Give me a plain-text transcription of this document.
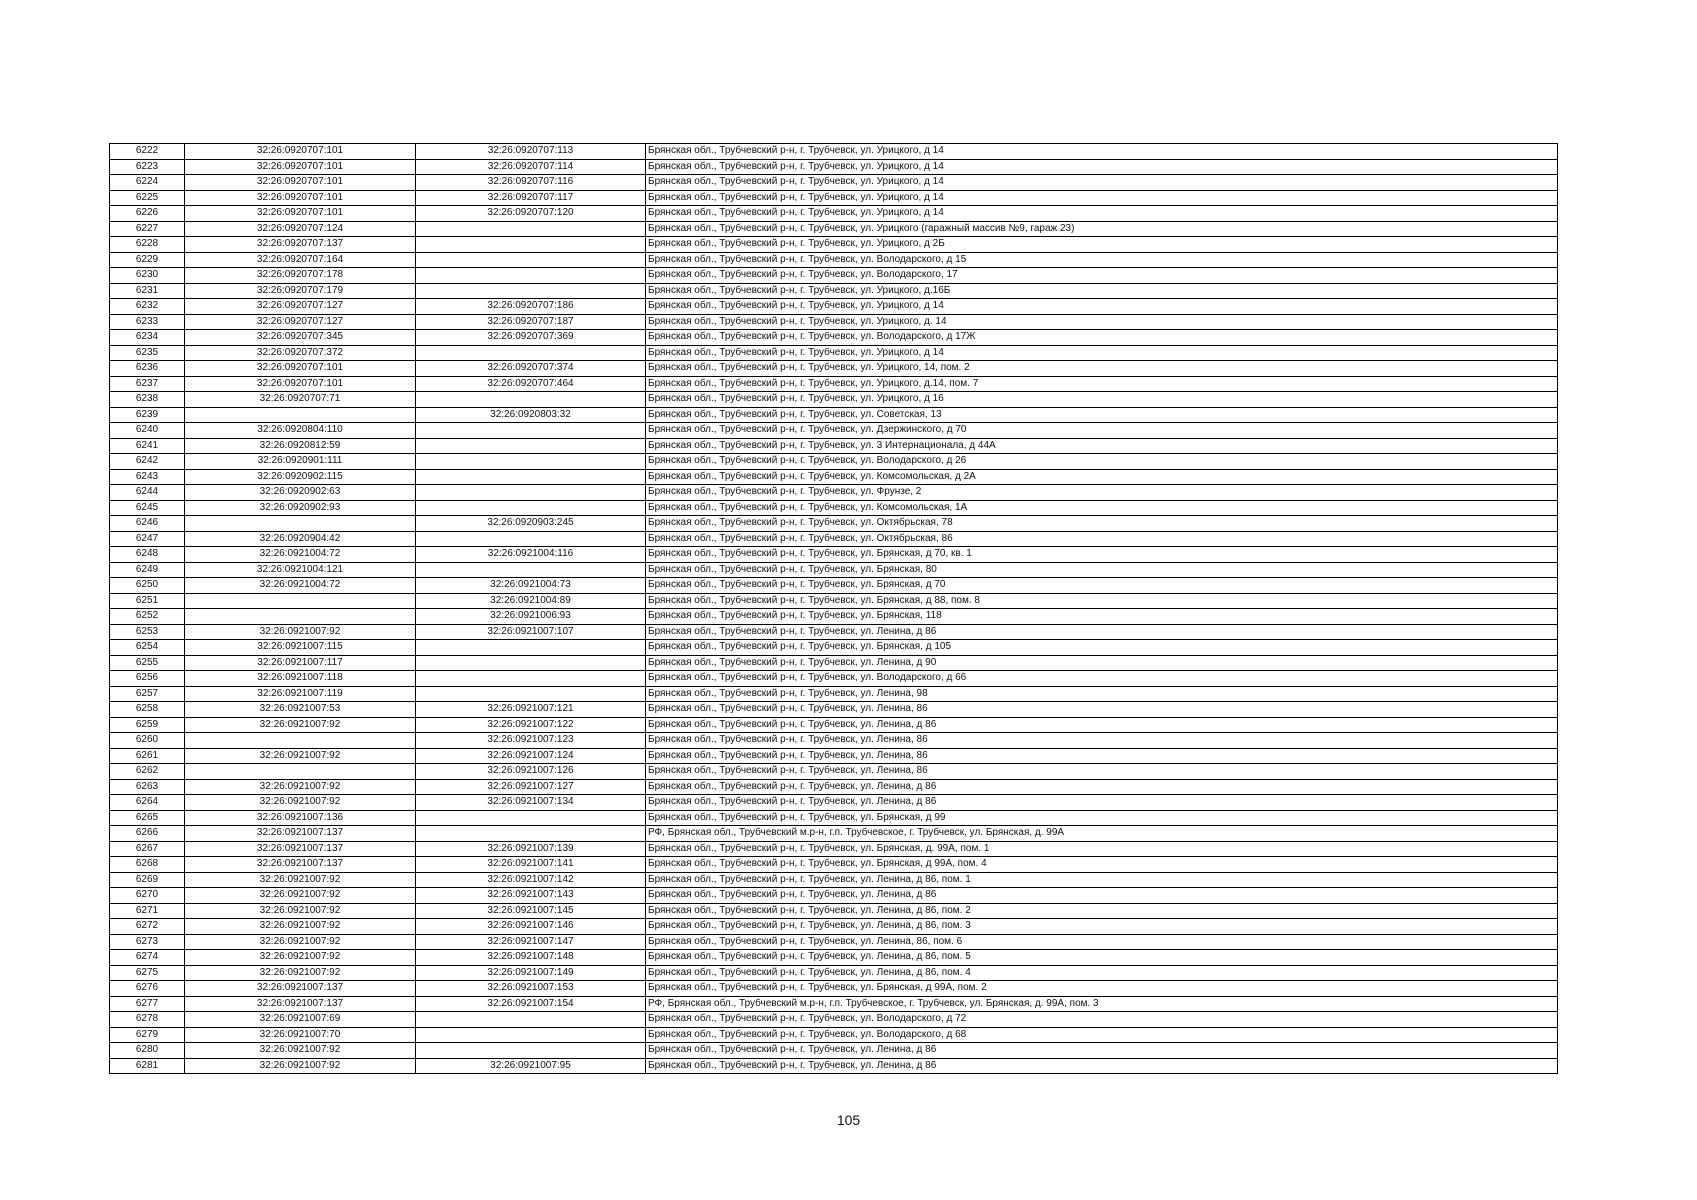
6222	32:26:0920707:101	32:26:0920707:113	Брянская обл., Трубчевский р-н, г. Трубчевск, ул. Урицкого, д 14
6223	32:26:0920707:101	32:26:0920707:114	Брянская обл., Трубчевский р-н, г. Трубчевск, ул. Урицкого, д 14
6224	32:26:0920707:101	32:26:0920707:116	Брянская обл., Трубчевский р-н, г. Трубчевск, ул. Урицкого, д 14
6225	32:26:0920707:101	32:26:0920707:117	Брянская обл., Трубчевский р-н, г. Трубчевск, ул. Урицкого, д 14
6226	32:26:0920707:101	32:26:0920707:120	Брянская обл., Трубчевский р-н, г. Трубчевск, ул. Урицкого, д 14
6227	32:26:0920707:124		Брянская обл., Трубчевский р-н, г. Трубчевск, ул. Урицкого (гаражный массив №9, гараж 23)
6228	32:26:0920707:137		Брянская обл., Трубчевский р-н, г. Трубчевск, ул. Урицкого, д 2Б
6229	32:26:0920707:164		Брянская обл., Трубчевский р-н, г. Трубчевск, ул. Володарского, д 15
6230	32:26:0920707:178		Брянская обл., Трубчевский р-н, г. Трубчевск, ул. Володарского, 17
6231	32:26:0920707:179		Брянская обл., Трубчевский р-н, г. Трубчевск, ул. Урицкого, д.16Б
6232	32:26:0920707:127	32:26:0920707:186	Брянская обл., Трубчевский р-н, г. Трубчевск, ул. Урицкого, д 14
6233	32:26:0920707:127	32:26:0920707:187	Брянская обл., Трубчевский р-н, г. Трубчевск, ул. Урицкого, д. 14
6234	32:26:0920707:345	32:26:0920707:369	Брянская обл., Трубчевский р-н, г. Трубчевск, ул. Володарского, д 17Ж
6235	32:26:0920707:372		Брянская обл., Трубчевский р-н, г. Трубчевск, ул. Урицкого, д 14
6236	32:26:0920707:101	32:26:0920707:374	Брянская обл., Трубчевский р-н, г. Трубчевск, ул. Урицкого, 14, пом. 2
6237	32:26:0920707:101	32:26:0920707:464	Брянская обл., Трубчевский р-н, г. Трубчевск, ул. Урицкого, д.14, пом. 7
6238	32:26:0920707:71		Брянская обл., Трубчевский р-н, г. Трубчевск, ул. Урицкого, д 16
6239		32:26:0920803:32	Брянская обл., Трубчевский р-н, г. Трубчевск, ул. Советская, 13
6240	32:26:0920804:110		Брянская обл., Трубчевский р-н, г. Трубчевск, ул. Дзержинского, д 70
6241	32:26:0920812:59		Брянская обл., Трубчевский р-н, г. Трубчевск, ул. 3 Интернационала, д 44А
6242	32:26:0920901:111		Брянская обл., Трубчевский р-н, г. Трубчевск, ул. Володарского, д 26
6243	32:26:0920902:115		Брянская обл., Трубчевский р-н, г. Трубчевск, ул. Комсомольская, д 2А
6244	32:26:0920902:63		Брянская обл., Трубчевский р-н, г. Трубчевск, ул. Фрунзе, 2
6245	32:26:0920902:93		Брянская обл., Трубчевский р-н, г. Трубчевск, ул. Комсомольская, 1А
6246		32:26:0920903:245	Брянская обл., Трубчевский р-н, г. Трубчевск, ул. Октябрьская, 78
6247	32:26:0920904:42		Брянская обл., Трубчевский р-н, г. Трубчевск, ул. Октябрьская, 86
6248	32:26:0921004:72	32:26:0921004:116	Брянская обл., Трубчевский р-н, г. Трубчевск, ул. Брянская, д 70, кв. 1
6249	32:26:0921004:121		Брянская обл., Трубчевский р-н, г. Трубчевск, ул. Брянская, 80
6250	32:26:0921004:72	32:26:0921004:73	Брянская обл., Трубчевский р-н, г. Трубчевск, ул. Брянская, д 70
6251		32:26:0921004:89	Брянская обл., Трубчевский р-н, г. Трубчевск, ул. Брянская, д 88, пом. 8
6252		32:26:0921006:93	Брянская обл., Трубчевский р-н, г. Трубчевск, ул. Брянская, 118
6253	32:26:0921007:92	32:26:0921007:107	Брянская обл., Трубчевский р-н, г. Трубчевск, ул. Ленина, д 86
6254	32:26:0921007:115		Брянская обл., Трубчевский р-н, г. Трубчевск, ул. Брянская, д 105
6255	32:26:0921007:117		Брянская обл., Трубчевский р-н, г. Трубчевск, ул. Ленина, д 90
6256	32:26:0921007:118		Брянская обл., Трубчевский р-н, г. Трубчевск, ул. Володарского, д 66
6257	32:26:0921007:119		Брянская обл., Трубчевский р-н, г. Трубчевск, ул. Ленина, 98
6258	32:26:0921007:53	32:26:0921007:121	Брянская обл., Трубчевский р-н, г. Трубчевск, ул. Ленина, 86
6259	32:26:0921007:92	32:26:0921007:122	Брянская обл., Трубчевский р-н, г. Трубчевск, ул. Ленина, д 86
6260		32:26:0921007:123	Брянская обл., Трубчевский р-н, г. Трубчевск, ул. Ленина, 86
6261	32:26:0921007:92	32:26:0921007:124	Брянская обл., Трубчевский р-н, г. Трубчевск, ул. Ленина, 86
6262		32:26:0921007:126	Брянская обл., Трубчевский р-н, г. Трубчевск, ул. Ленина, 86
6263	32:26:0921007:92	32:26:0921007:127	Брянская обл., Трубчевский р-н, г. Трубчевск, ул. Ленина, д 86
6264	32:26:0921007:92	32:26:0921007:134	Брянская обл., Трубчевский р-н, г. Трубчевск, ул. Ленина, д 86
6265	32:26:0921007:136		Брянская обл., Трубчевский р-н, г. Трубчевск, ул. Брянская, д 99
6266	32:26:0921007:137		РФ, Брянская обл., Трубчевский м.р-н, г.п. Трубчевское, г. Трубчевск, ул. Брянская, д. 99А
6267	32:26:0921007:137	32:26:0921007:139	Брянская обл., Трубчевский р-н, г. Трубчевск, ул. Брянская, д. 99А, пом. 1
6268	32:26:0921007:137	32:26:0921007:141	Брянская обл., Трубчевский р-н, г. Трубчевск, ул. Брянская, д 99А, пом. 4
6269	32:26:0921007:92	32:26:0921007:142	Брянская обл., Трубчевский р-н, г. Трубчевск, ул. Ленина, д 86, пом. 1
6270	32:26:0921007:92	32:26:0921007:143	Брянская обл., Трубчевский р-н, г. Трубчевск, ул. Ленина, д 86
6271	32:26:0921007:92	32:26:0921007:145	Брянская обл., Трубчевский р-н, г. Трубчевск, ул. Ленина, д 86, пом. 2
6272	32:26:0921007:92	32:26:0921007:146	Брянская обл., Трубчевский р-н, г. Трубчевск, ул. Ленина, д 86, пом. 3
6273	32:26:0921007:92	32:26:0921007:147	Брянская обл., Трубчевский р-н, г. Трубчевск, ул. Ленина, 86, пом. 6
6274	32:26:0921007:92	32:26:0921007:148	Брянская обл., Трубчевский р-н, г. Трубчевск, ул. Ленина, д 86, пом. 5
6275	32:26:0921007:92	32:26:0921007:149	Брянская обл., Трубчевский р-н, г. Трубчевск, ул. Ленина, д 86, пом. 4
6276	32:26:0921007:137	32:26:0921007:153	Брянская обл., Трубчевский р-н, г. Трубчевск, ул. Брянская, д 99А, пом. 2
6277	32:26:0921007:137	32:26:0921007:154	РФ, Брянская обл., Трубчевский м.р-н, г.п. Трубчевское, г. Трубчевск, ул. Брянская, д. 99А, пом. 3
6278	32:26:0921007:69		Брянская обл., Трубчевский р-н, г. Трубчевск, ул. Володарского, д 72
6279	32:26:0921007:70		Брянская обл., Трубчевский р-н, г. Трубчевск, ул. Володарского, д 68
6280	32:26:0921007:92		Брянская обл., Трубчевский р-н, г. Трубчевск, ул. Ленина, д 86
6281	32:26:0921007:92	32:26:0921007:95	Брянская обл., Трубчевский р-н, г. Трубчевск, ул. Ленина, д 86
105
